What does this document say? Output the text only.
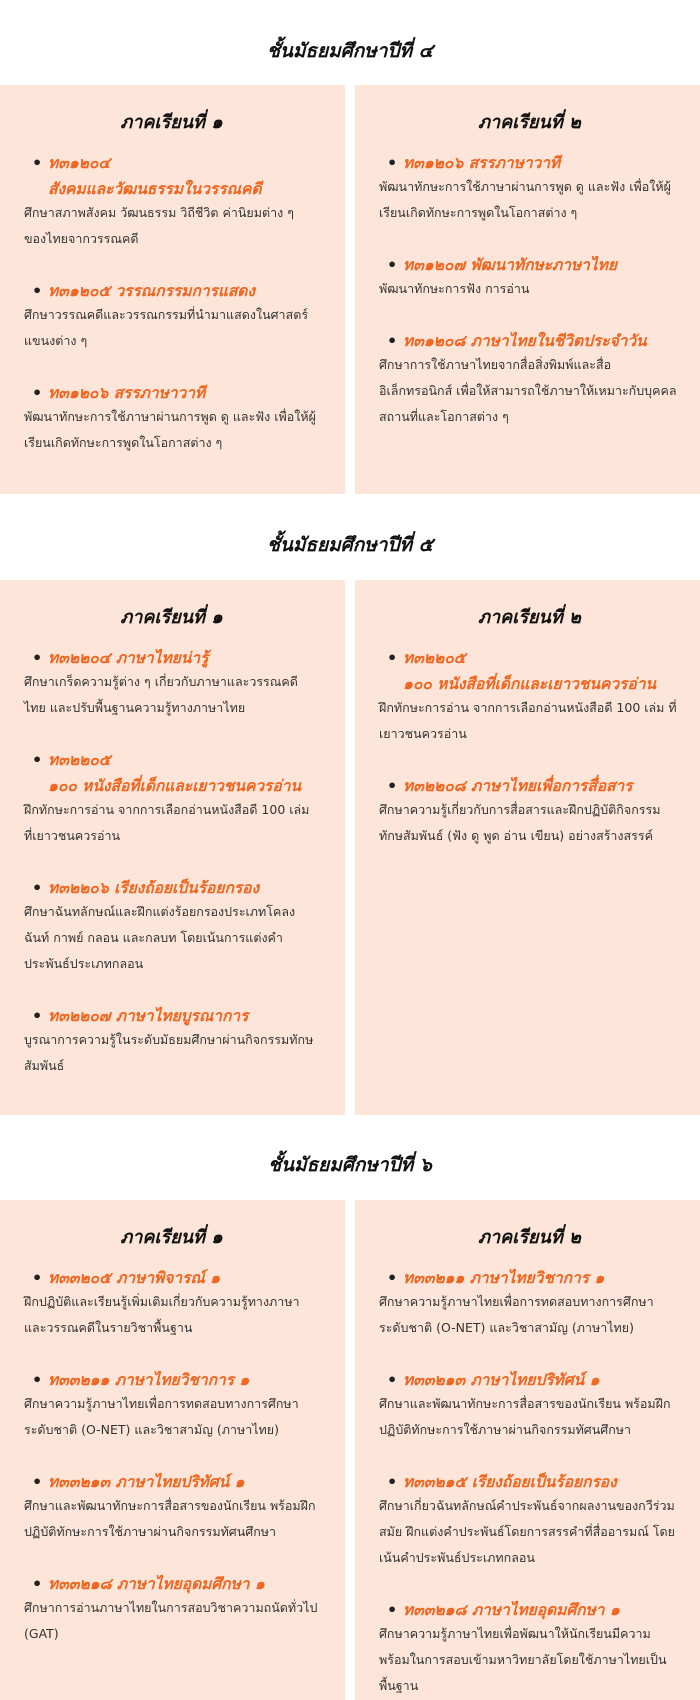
ชั้นมัธยมศึกษาปีที่ ๔
ภาคเรียนที่ ๑
• ท๓๑๒๐๔
สังคมและวัฒนธรรมในวรรณคดี
ศึกษาสภาพสังคม วัฒนธรรม วิถีชีวิต ค่านิยมต่าง ๆ ของไทยจากวรรณคดี
• ท๓๑๒๐๕ วรรณกรรมการแสดง
ศึกษาวรรณคดีและวรรณกรรมที่นำมาแสดงในศาสตร์แขนงต่าง ๆ
• ท๓๑๒๐๖ สรรภาษาวาที
พัฒนาทักษะการใช้ภาษาผ่านการพูด ดู และฟัง เพื่อให้ผู้เรียนเกิดทักษะการพูดในโอกาสต่าง ๆ
ภาคเรียนที่ ๒
• ท๓๑๒๐๖ สรรภาษาวาที
พัฒนาทักษะการใช้ภาษาผ่านการพูด ดู และฟัง เพื่อให้ผู้เรียนเกิดทักษะการพูดในโอกาสต่าง ๆ
• ท๓๑๒๐๗ พัฒนาทักษะภาษาไทย
พัฒนาทักษะการฟัง การอ่าน
• ท๓๑๒๐๘ ภาษาไทยในชีวิตประจำวัน
ศึกษาการใช้ภาษาไทยจากสื่อสิ่งพิมพ์และสื่ออิเล็กทรอนิกส์ เพื่อให้สามารถใช้ภาษาให้เหมาะกับบุคคลสถานที่และโอกาสต่าง ๆ
ชั้นมัธยมศึกษาปีที่ ๕
ภาคเรียนที่ ๑
• ท๓๒๒๐๔ ภาษาไทยน่ารู้
ศึกษาเกร็ดความรู้ต่าง ๆ เกี่ยวกับภาษาและวรรณคดีไทย และปรับพื้นฐานความรู้ทางภาษาไทย
• ท๓๒๒๐๕
๑๐๐ หนังสือที่เด็กและเยาวชนควรอ่าน
ฝึกทักษะการอ่าน จากการเลือกอ่านหนังสือดี 100 เล่ม ที่เยาวชนควรอ่าน
• ท๓๒๒๐๖ เรียงถ้อยเป็นร้อยกรอง
ศึกษาฉันทลักษณ์และฝึกแต่งร้อยกรองประเภทโคลง ฉันท์ กาพย์ กลอน และกลบท โดยเน้นการแต่งคำประพันธ์ประเภทกลอน
• ท๓๒๒๐๗ ภาษาไทยบูรณาการ
บูรณาการความรู้ในระดับมัธยมศึกษาผ่านกิจกรรมทักษสัมพันธ์
ภาคเรียนที่ ๒
• ท๓๒๒๐๕
๑๐๐ หนังสือที่เด็กและเยาวชนควรอ่าน
ฝึกทักษะการอ่าน จากการเลือกอ่านหนังสือดี 100 เล่ม ที่เยาวชนควรอ่าน
• ท๓๒๒๐๘ ภาษาไทยเพื่อการสื่อสาร
ศึกษาความรู้เกี่ยวกับการสื่อสารและฝึกปฏิบัติกิจกรรมทักษสัมพันธ์ (ฟัง ดู พูด อ่าน เขียน) อย่างสร้างสรรค์
ชั้นมัธยมศึกษาปีที่ ๖
ภาคเรียนที่ ๑
• ท๓๓๒๐๕ ภาษาพิจารณ์ ๑
ฝึกปฏิบัติและเรียนรู้เพิ่มเติมเกี่ยวกับความรู้ทางภาษาและวรรณคดีในรายวิชาพื้นฐาน
• ท๓๓๒๑๑ ภาษาไทยวิชาการ ๑
ศึกษาความรู้ภาษาไทยเพื่อการทดสอบทางการศึกษาระดับชาติ (O-NET) และวิชาสามัญ (ภาษาไทย)
• ท๓๓๒๑๓ ภาษาไทยปริทัศน์ ๑
ศึกษาและพัฒนาทักษะการสื่อสารของนักเรียน พร้อมฝึกปฏิบัติทักษะการใช้ภาษาผ่านกิจกรรมทัศนศึกษา
• ท๓๓๒๑๘ ภาษาไทยอุดมศึกษา ๑
ศึกษาการอ่านภาษาไทยในการสอบวิชาความถนัดทั่วไป (GAT)
ภาคเรียนที่ ๒
• ท๓๓๒๑๑ ภาษาไทยวิชาการ ๑
ศึกษาความรู้ภาษาไทยเพื่อการทดสอบทางการศึกษาระดับชาติ (O-NET) และวิชาสามัญ (ภาษาไทย)
• ท๓๓๒๑๓ ภาษาไทยปริทัศน์ ๑
ศึกษาและพัฒนาทักษะการสื่อสารของนักเรียน พร้อมฝึกปฏิบัติทักษะการใช้ภาษาผ่านกิจกรรมทัศนศึกษา
• ท๓๓๒๑๕ เรียงถ้อยเป็นร้อยกรอง
ศึกษาเกี่ยวฉันทลักษณ์คำประพันธ์จากผลงานของกวีร่วมสมัย ฝึกแต่งคำประพันธ์โดยการสรรคำที่สื่ออารมณ์ โดยเน้นคำประพันธ์ประเภทกลอน
• ท๓๓๒๑๘ ภาษาไทยอุดมศึกษา ๑
ศึกษาความรู้ภาษาไทยเพื่อพัฒนาให้นักเรียนมีความพร้อมในการสอบเข้ามหาวิทยาลัยโดยใช้ภาษาไทยเป็นพื้นฐาน
